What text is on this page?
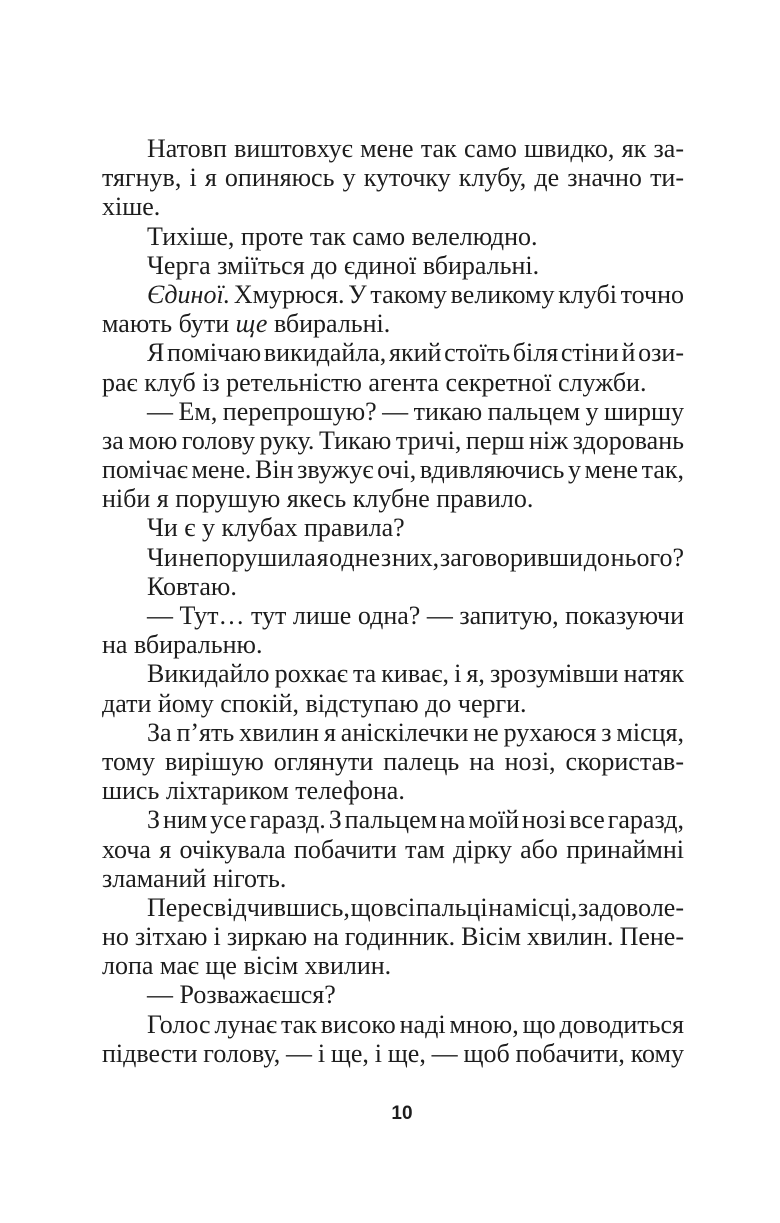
Натовп виштовхує мене так само швидко, як за-
тягнув, і я опиняюсь у куточку клубу, де значно ти-
хіше.
Тихіше, проте так само велелюдно.
Черга зміїться до єдиної вбиральні.
Єдиної. Хмурюся. У такому великому клубі точно
мають бути ще вбиральні.
Я помічаю викидайла, який стоїть біля стіни й ози-
рає клуб із ретельністю агента секретної служби.
— Ем, перепрошую? — тикаю пальцем у ширшу
за мою голову руку. Тикаю тричі, перш ніж здоровань
помічає мене. Він звужує очі, вдивляючись у мене так,
ніби я порушую якесь клубне правило.
Чи є у клубах правила?
Чи не порушила я одне з них, заговоривши до нього?
Ковтаю.
— Тут… тут лише одна? — запитую, показуючи
на вбиральню.
Викидайло рохкає та киває, і я, зрозумівши натяк
дати йому спокій, відступаю до черги.
За п’ять хвилин я аніскілечки не рухаюся з місця,
тому вирішую оглянути палець на нозі, скористав-
шись ліхтариком телефона.
З ним усе гаразд. З пальцем на моїй нозі все гаразд,
хоча я очікувала побачити там дірку або принаймні
зламаний ніготь.
Пересвідчившись, що всі пальці на місці, задоволе-
но зітхаю і зиркаю на годинник. Вісім хвилин. Пене-
лопа має ще вісім хвилин.
— Розважаєшся?
Голос лунає так високо наді мною, що доводиться
підвести голову, — і ще, і ще, — щоб побачити, кому
10
